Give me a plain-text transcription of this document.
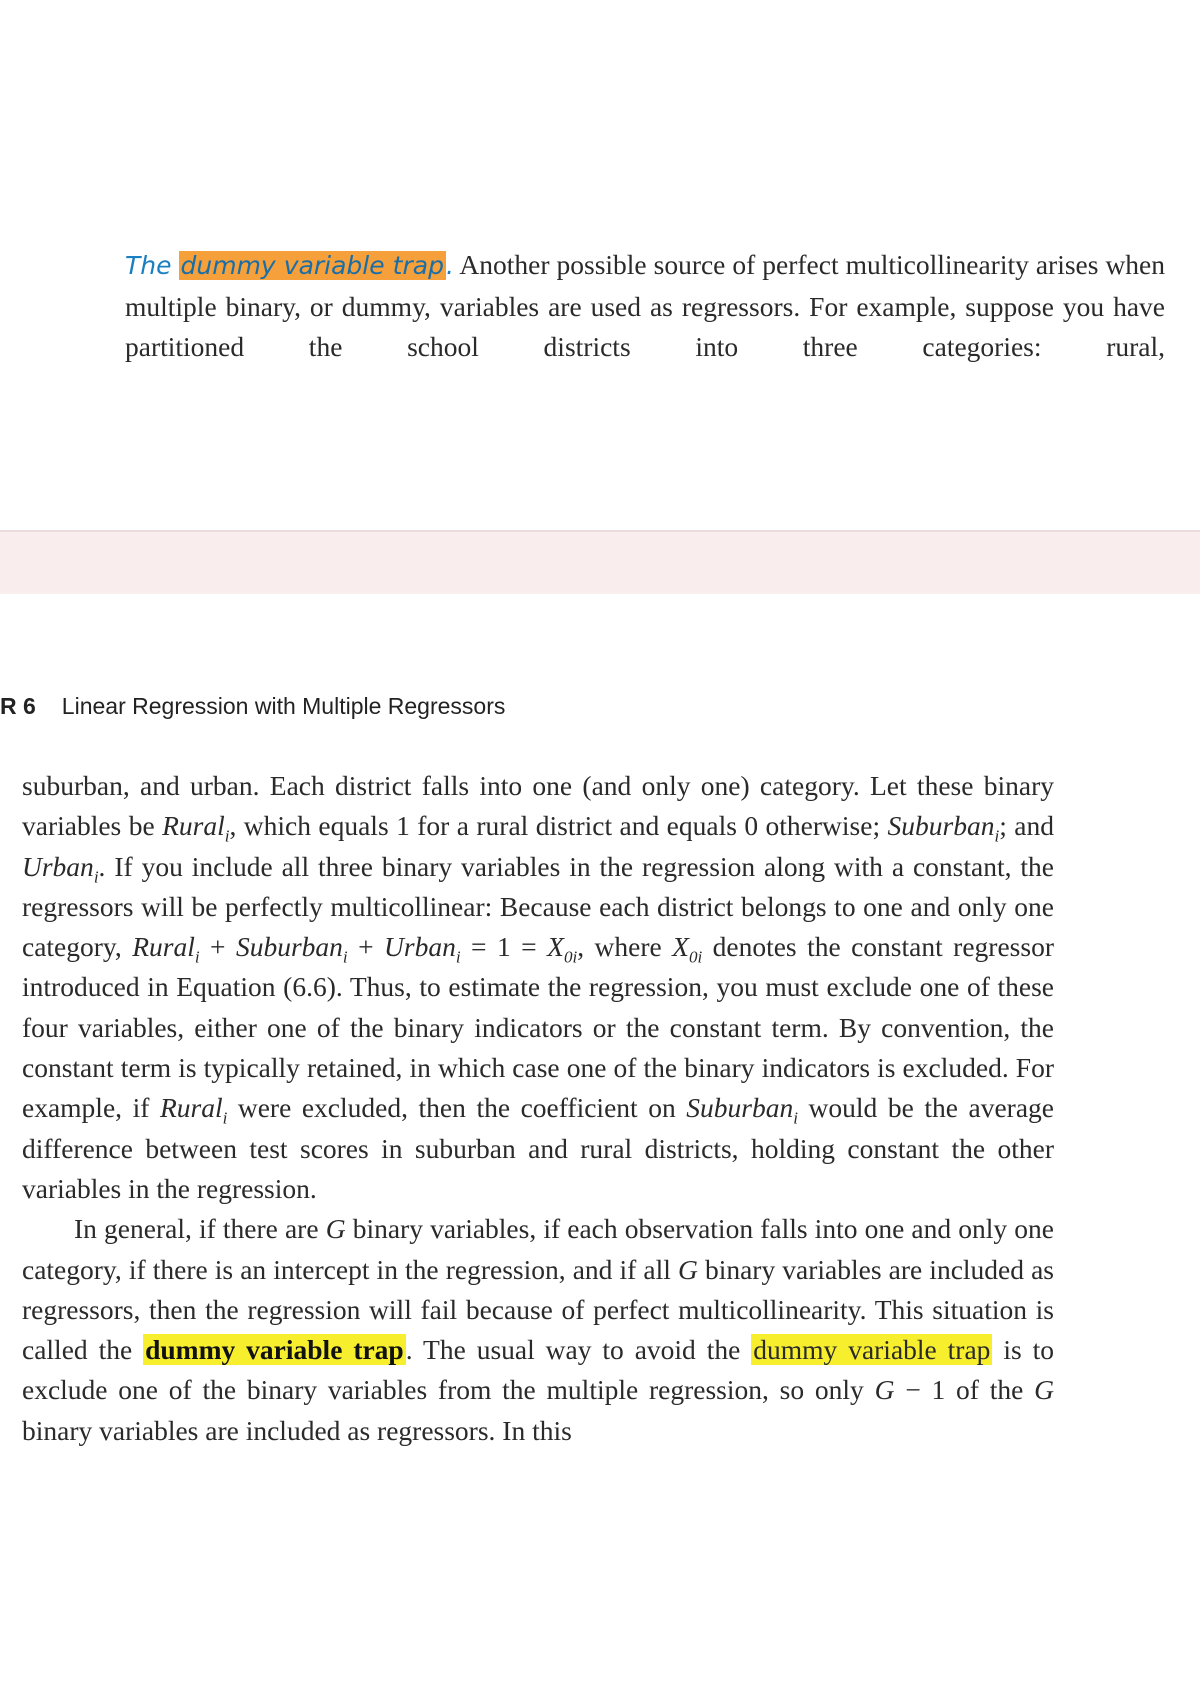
The dummy variable trap. Another possible source of perfect multicollinearity arises when multiple binary, or dummy, variables are used as regressors. For example, suppose you have partitioned the school districts into three categories: rural,
R 6 Linear Regression with Multiple Regressors

suburban, and urban. Each district falls into one (and only one) category. Let these binary variables be Rural$_i$, which equals 1 for a rural district and equals 0 otherwise; Suburban$_i$; and Urban$_i$. If you include all three binary variables in the regression along with a constant, the regressors will be perfectly multicollinear: Because each district belongs to one and only one category, Rural$_i$ + Suburban$_i$ + Urban$_i$ = $1 = X_{0i}$, where $X_{0i}$ denotes the constant regressor introduced in Equation (6.6). Thus, to estimate the regression, you must exclude one of these four variables, either one of the binary indicators or the constant term. By convention, the constant term is typically retained, in which case one of the binary indicators is excluded. For example, if Rural$_i$ were excluded, then the coefficient on Suburban$_i$ would be the average difference between test scores in suburban and rural districts, holding constant the other variables in the regression.

In general, if there are G binary variables, if each observation falls into one and only one category, if there is an intercept in the regression, and if all G binary variables are included as regressors, then the regression will fail because of perfect multicollinearity. This situation is called the dummy variable trap. The usual way to avoid the dummy variable trap is to exclude one of the binary variables from the multiple regression, so only G − 1 of the G binary variables are included as regressors. In this
